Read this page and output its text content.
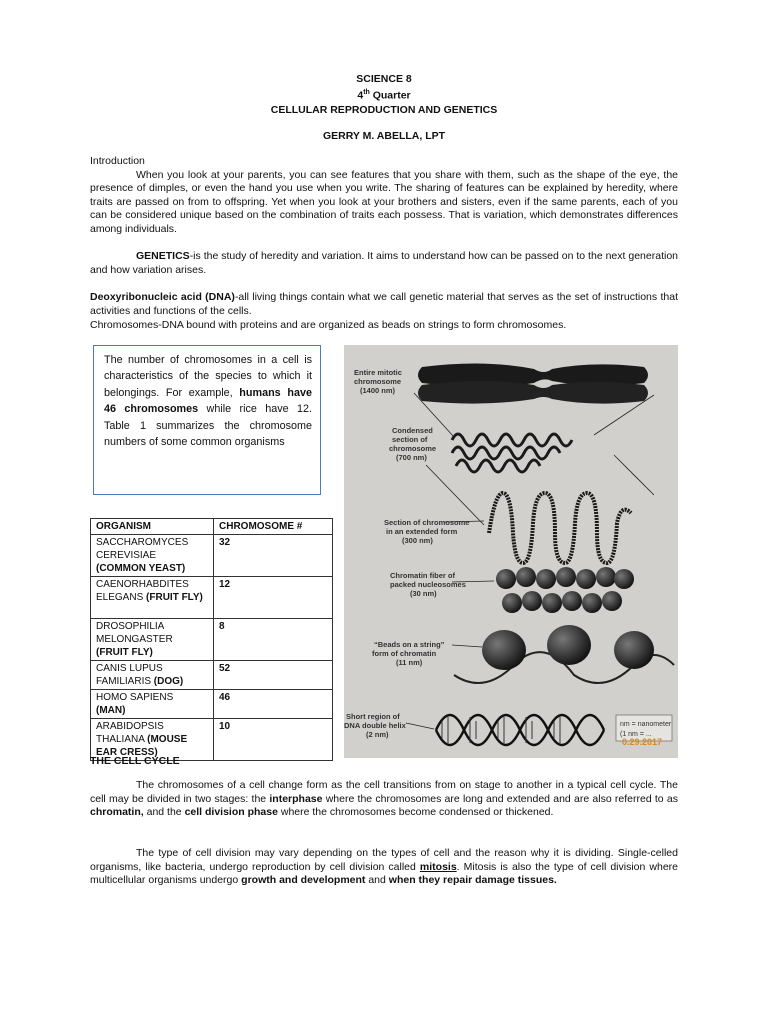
SCIENCE 8
4th Quarter
CELLULAR REPRODUCTION AND GENETICS
GERRY M. ABELLA, LPT
Introduction
When you look at your parents, you can see features that you share with them, such as the shape of the eye, the presence of dimples, or even the hand you use when you write. The sharing of features can be explained by heredity, where traits are passed on from to offspring. Yet when you look at your brothers and sisters, even if the same parents, each of you can be considered unique based on the combination of traits each possess. That is variation, which demonstrates differences among individuals.
GENETICS-is the study of heredity and variation. It aims to understand how can be passed on to the next generation and how variation arises.
Deoxyribonucleic acid (DNA)-all living things contain what we call genetic material that serves as the set of instructions that activities and functions of the cells.
Chromosomes-DNA bound with proteins and are organized as beads on strings to form chromosomes.
The number of chromosomes in a cell is characteristics of the species to which it belongings. For example, humans have 46 chromosomes while rice have 12. Table 1 summarizes the chromosome numbers of some common organisms
ORGANISM	CHROMOSOME #
SACCHAROMYCES CEREVISIAE
(COMMON YEAST)	32
CAENORHABDITES ELEGANS (FRUIT FLY)	12
DROSOPHILIA MELONGASTER
(FRUIT FLY)	8
CANIS LUPUS FAMILIARIS (DOG)	52
HOMO SAPIENS
(MAN)	46
ARABIDOPSIS THALIANA (MOUSE EAR CRESS)	10
Entire mitotic
chromosome
(1400 nm)
Condensed
section of
chromosome
(700 nm)
Section of chromosome
in an extended form
(300 nm)
Chromatin fiber of
packed nucleosomes
(30 nm)
“Beads on a string”
form of chromatin
(11 nm)
Short region of
DNA double helix
(2 nm)
nm = nanometer
(1 nm = ...
0.29.2017
THE CELL CYCLE
The chromosomes of a cell change form as the cell transitions from on stage to another in a typical cell cycle. The cell may be divided in two stages: the interphase where the chromosomes are long and extended and are also referred to as chromatin, and the cell division phase where the chromosomes become condensed or thickened.
The type of cell division may vary depending on the types of cell and the reason why it is dividing. Single-celled organisms, like bacteria, undergo reproduction by cell division called mitosis. Mitosis is also the type of cell division where multicellular organisms undergo growth and development and when they repair damage tissues.
